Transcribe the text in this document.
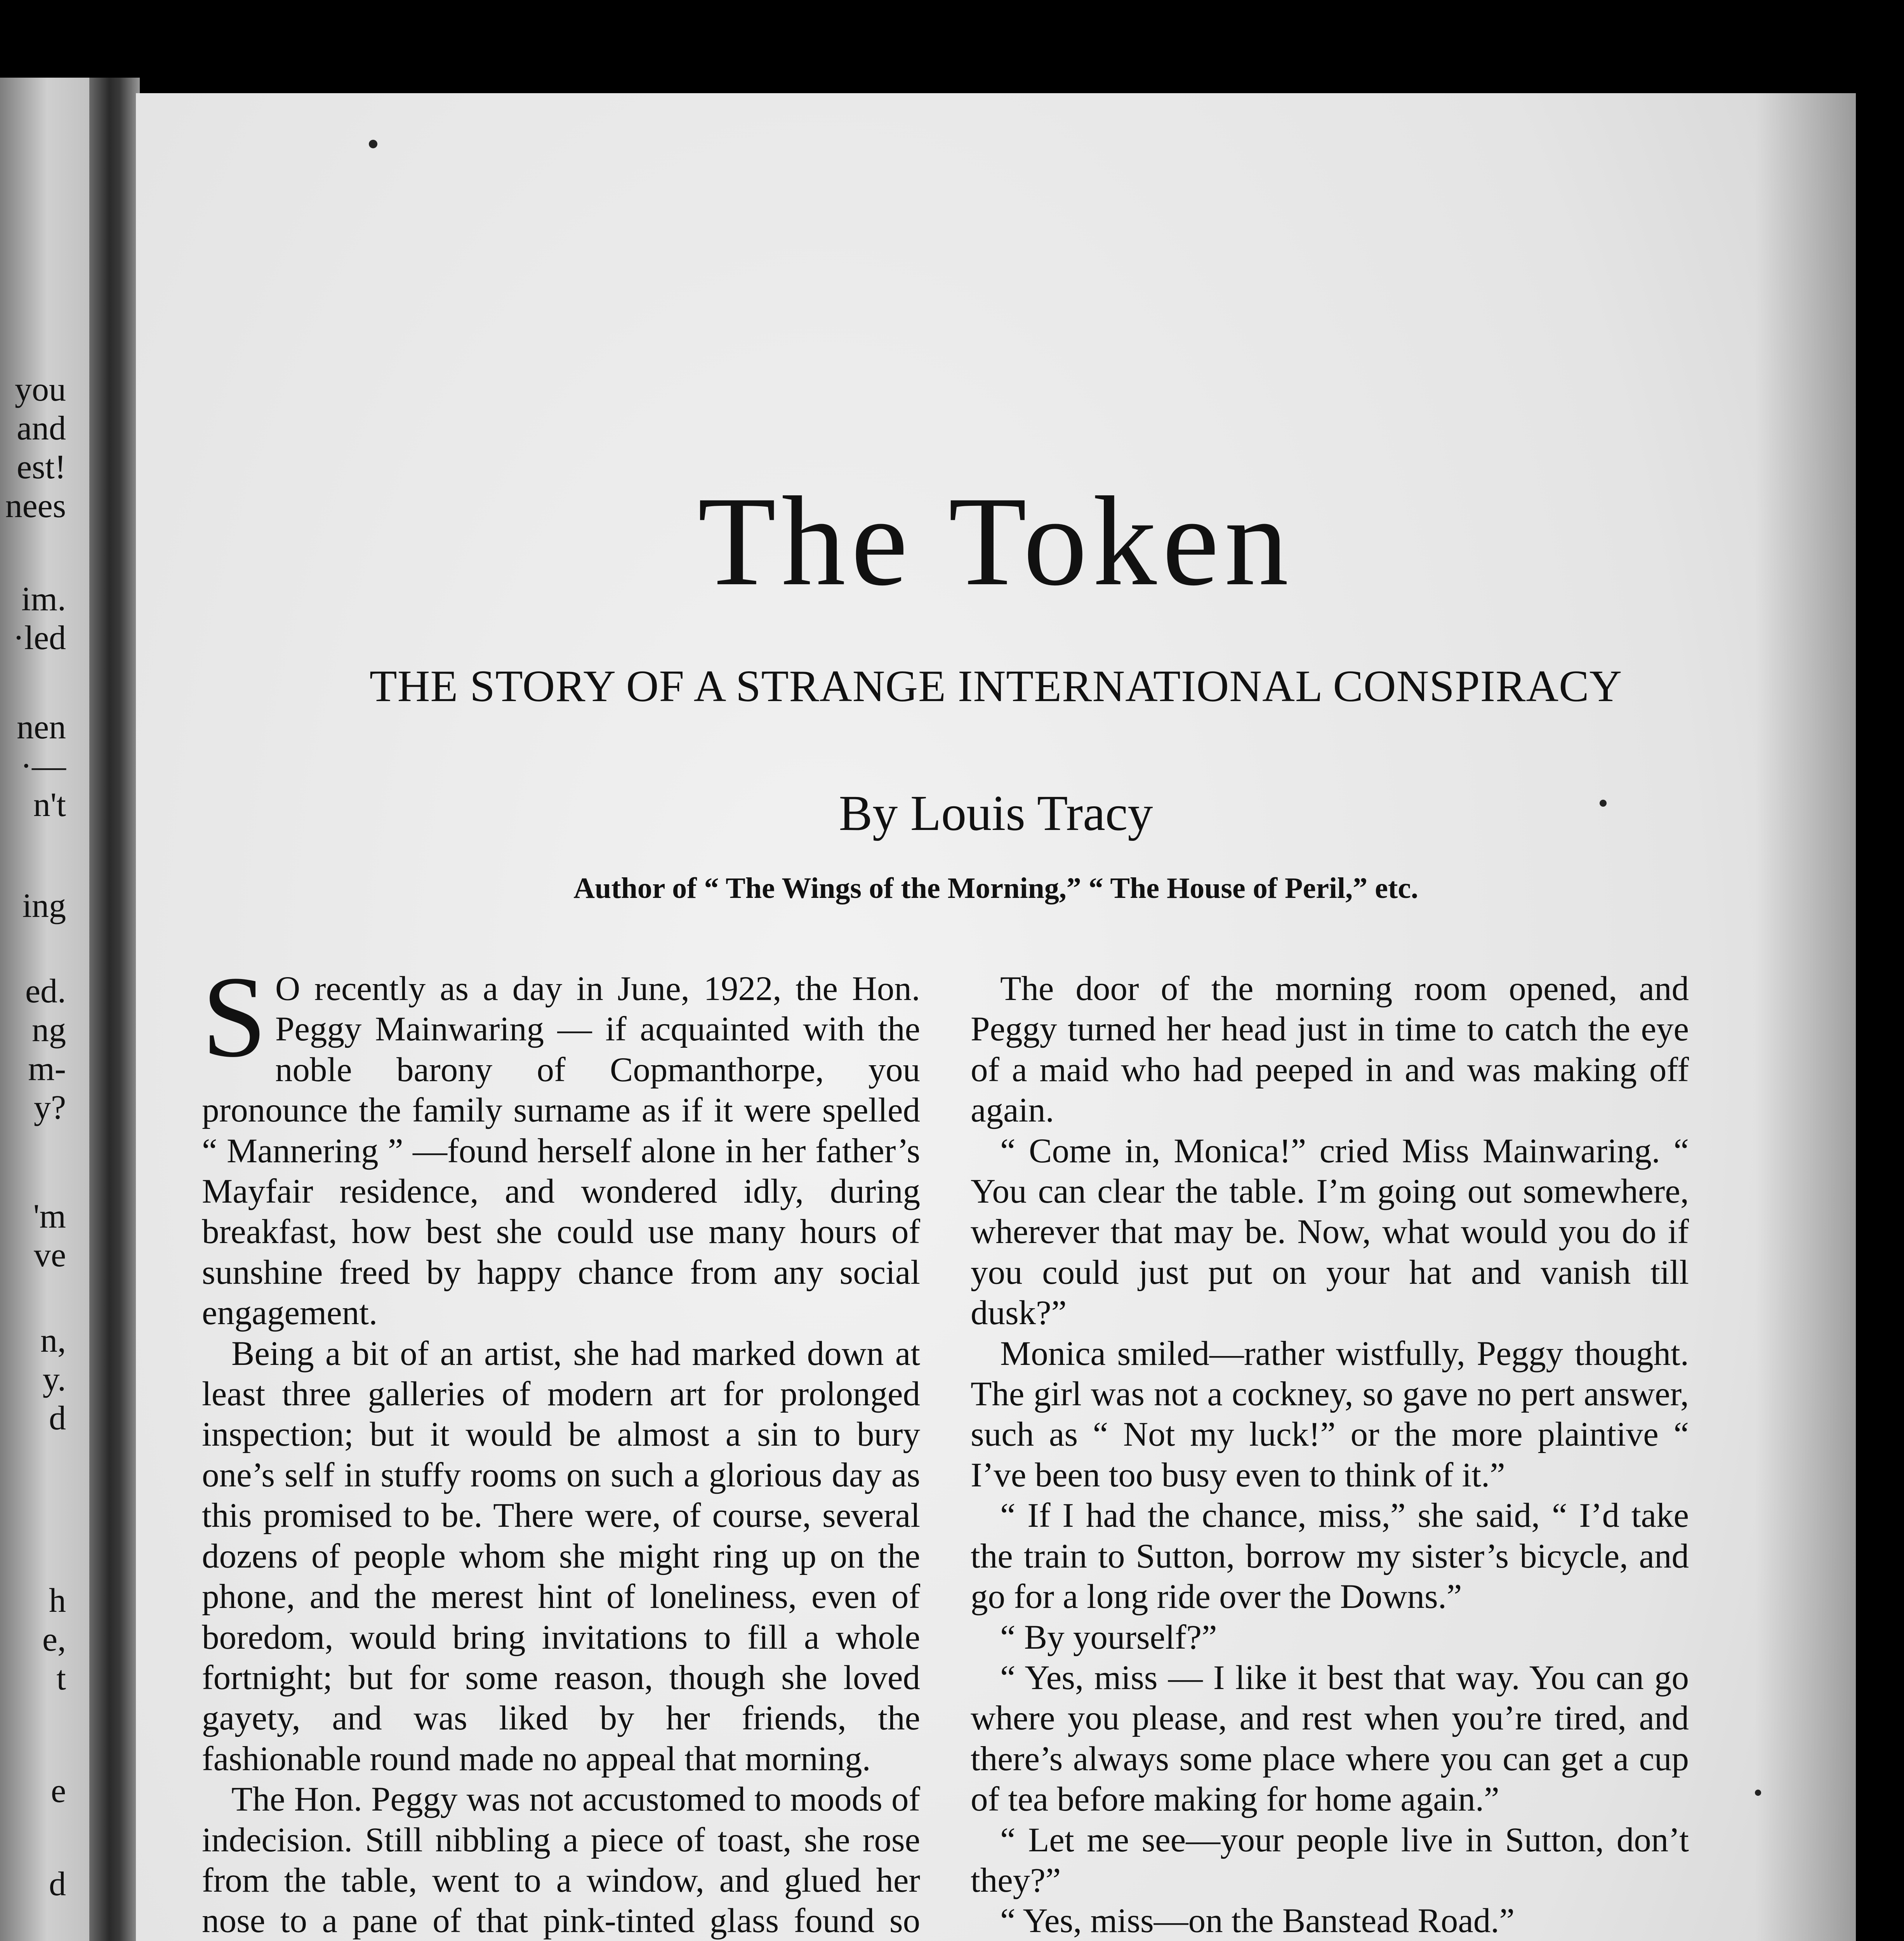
you
and
est!
nees
im.
·led
nen
·—
n't
ing
ed.
ng
m-
y?
'm
ve
n,
y.
d
h
e,
t
e
d
The Token
THE STORY OF A STRANGE INTERNATIONAL CONSPIRACY
By Louis Tracy

Author of “ The Wings of the Morning,” “ The House of Peril,” etc.

S O recently as a day in June, 1922, the Hon. Peggy Mainwaring — if acquainted with the noble barony of Copmanthorpe, you pronounce the family surname as if it were spelled “ Mannering ” —found herself alone in her father’s Mayfair residence, and wondered idly, during breakfast, how best she could use many hours of sunshine freed by happy chance from any social engagement.

Being a bit of an artist, she had marked down at least three galleries of modern art for prolonged inspection; but it would be almost a sin to bury one’s self in stuffy rooms on such a glorious day as this promised to be. There were, of course, several dozens of people whom she might ring up on the phone, and the merest hint of loneliness, even of boredom, would bring invitations to fill a whole fortnight; but for some reason, though she loved gayety, and was liked by her friends, the fashionable round made no appeal that morning.

The Hon. Peggy was not accustomed to moods of indecision. Still nibbling a piece of toast, she rose from the table, went to a window, and glued her nose to a pane of that pink-tinted glass found so

The door of the morning room opened, and Peggy turned her head just in time to catch the eye of a maid who had peeped in and was making off again.

“ Come in, Monica!” cried Miss Mainwaring. “ You can clear the table. I’m going out somewhere, wherever that may be. Now, what would you do if you could just put on your hat and vanish till dusk?”

Monica smiled—rather wistfully, Peggy thought. The girl was not a cockney, so gave no pert answer, such as “ Not my luck!” or the more plaintive “ I’ve been too busy even to think of it.”

“ If I had the chance, miss,” she said, “ I’d take the train to Sutton, borrow my sister’s bicycle, and go for a long ride over the Downs.”

“ By yourself?”

“ Yes, miss — I like it best that way. You can go where you please, and rest when you’re tired, and there’s always some place where you can get a cup of tea before making for home again.”

“ Let me see—your people live in Sutton, don’t they?”

“ Yes, miss—on the Banstead Road.”
